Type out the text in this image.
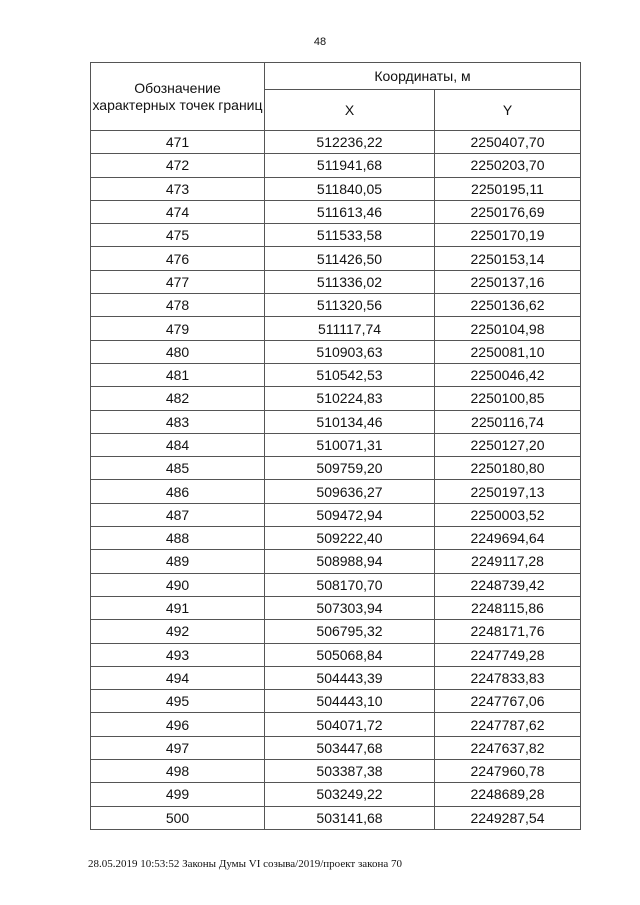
48
Обозначение характерных точек границ	Координаты, м	
	X	Y
471	512236,22	2250407,70
472	511941,68	2250203,70
473	511840,05	2250195,11
474	511613,46	2250176,69
475	511533,58	2250170,19
476	511426,50	2250153,14
477	511336,02	2250137,16
478	511320,56	2250136,62
479	511117,74	2250104,98
480	510903,63	2250081,10
481	510542,53	2250046,42
482	510224,83	2250100,85
483	510134,46	2250116,74
484	510071,31	2250127,20
485	509759,20	2250180,80
486	509636,27	2250197,13
487	509472,94	2250003,52
488	509222,40	2249694,64
489	508988,94	2249117,28
490	508170,70	2248739,42
491	507303,94	2248115,86
492	506795,32	2248171,76
493	505068,84	2247749,28
494	504443,39	2247833,83
495	504443,10	2247767,06
496	504071,72	2247787,62
497	503447,68	2247637,82
498	503387,38	2247960,78
499	503249,22	2248689,28
500	503141,68	2249287,54
28.05.2019 10:53:52 Законы Думы VI созыва/2019/проект закона 70
